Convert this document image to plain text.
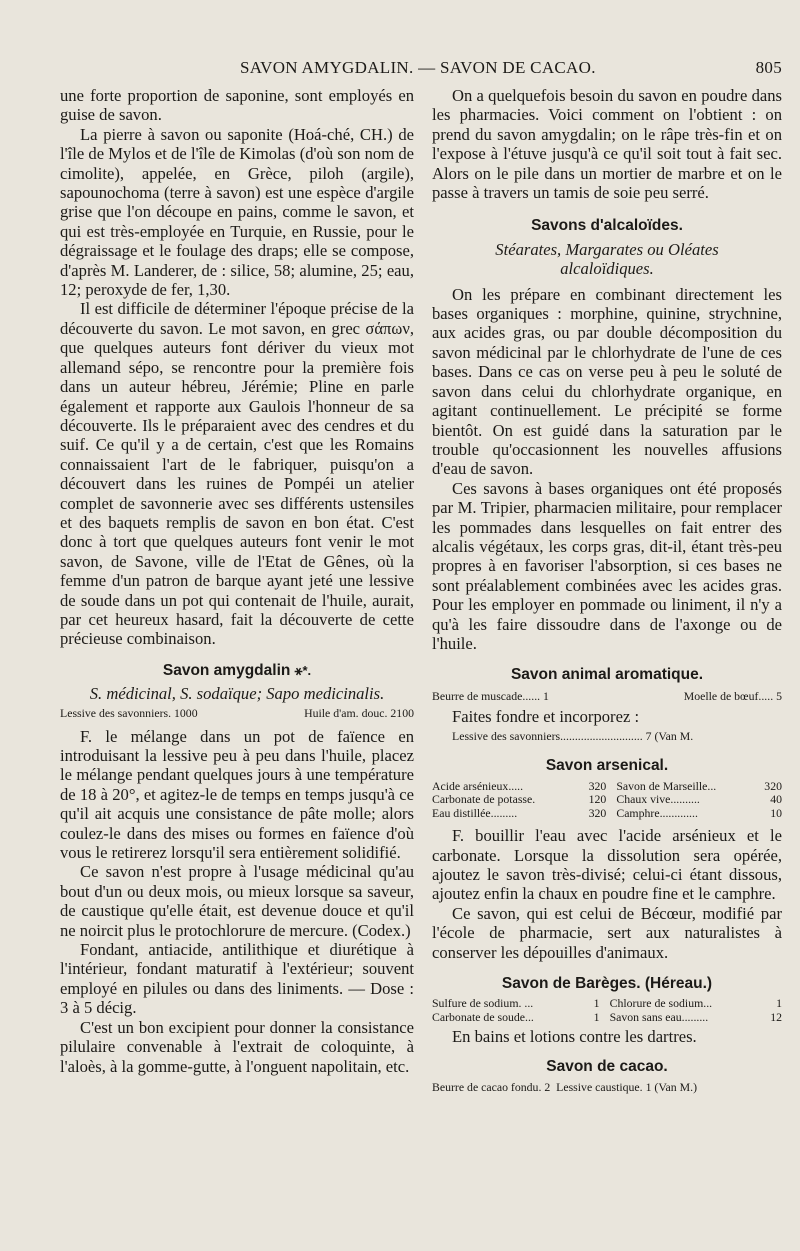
SAVON AMYGDALIN. — SAVON DE CACAO.	805

une forte proportion de saponine, sont employés en guise de savon.

La pierre à savon ou saponite (Hoá-ché, CH.) de l'île de Mylos et de l'île de Kimolas (d'où son nom de cimolite), appelée, en Grèce, piloh (argile), sapounochoma (terre à savon) est une espèce d'argile grise que l'on découpe en pains, comme le savon, et qui est très-employée en Turquie, en Russie, pour le dégraissage et le foulage des draps; elle se compose, d'après M. Landerer, de : silice, 58; alumine, 25; eau, 12; peroxyde de fer, 1,30.

Il est difficile de déterminer l'époque précise de la découverte du savon. Le mot savon, en grec σάπων, que quelques auteurs font dériver du vieux mot allemand sépo, se rencontre pour la première fois dans un auteur hébreu, Jérémie; Pline en parle également et rapporte aux Gaulois l'honneur de sa découverte. Ils le préparaient avec des cendres et du suif. Ce qu'il y a de certain, c'est que les Romains connaissaient l'art de le fabriquer, puisqu'on a découvert dans les ruines de Pompéi un atelier complet de savonnerie avec ses différents ustensiles et des baquets remplis de savon en bon état. C'est donc à tort que quelques auteurs font venir le mot savon, de Savone, ville de l'Etat de Gênes, où la femme d'un patron de barque ayant jeté une lessive de soude dans un pot qui contenait de l'huile, aurait, par cet heureux hasard, fait la découverte de cette précieuse combinaison.

Savon amygdalin ⚹*.

S. médicinal, S. sodaïque; Sapo medicinalis.

Lessive des savonniers. 1000	Huile d'am. douc. 2100

F. le mélange dans un pot de faïence en introduisant la lessive peu à peu dans l'huile, placez le mélange pendant quelques jours à une température de 18 à 20°, et agitez-le de temps en temps jusqu'à ce qu'il ait acquis une consistance de pâte molle; alors coulez-le dans des mises ou formes en faïence d'où vous le retirerez lorsqu'il sera entièrement solidifié.

Ce savon n'est propre à l'usage médicinal qu'au bout d'un ou deux mois, ou mieux lorsque sa saveur, de caustique qu'elle était, est devenue douce et qu'il ne noircit plus le protochlorure de mercure. (Codex.)

Fondant, antiacide, antilithique et diurétique à l'intérieur, fondant maturatif à l'extérieur; souvent employé en pilules ou dans des liniments. — Dose : 3 à 5 décig.

C'est un bon excipient pour donner la consistance pilulaire convenable à l'extrait de coloquinte, à l'aloès, à la gomme-gutte, à l'onguent napolitain, etc.

On a quelquefois besoin du savon en poudre dans les pharmacies. Voici comment on l'obtient : on prend du savon amygdalin; on le râpe très-fin et on l'expose à l'étuve jusqu'à ce qu'il soit tout à fait sec. Alors on le pile dans un mortier de marbre et on le passe à travers un tamis de soie peu serré.

Savons d'alcaloïdes.

Stéarates, Margarates ou Oléates

alcaloïdiques.

On les prépare en combinant directement les bases organiques : morphine, quinine, strychnine, aux acides gras, ou par double décomposition du savon médicinal par le chlorhydrate de l'une de ces bases. Dans ce cas on verse peu à peu le soluté de savon dans celui du chlorhydrate organique, en agitant continuellement. Le précipité se forme bientôt. On est guidé dans la saturation par le trouble qu'occasionnent les nouvelles affusions d'eau de savon.

Ces savons à bases organiques ont été proposés par M. Tripier, pharmacien militaire, pour remplacer les pommades dans lesquelles on fait entrer des alcalis végétaux, les corps gras, dit-il, étant très-peu propres à en favoriser l'absorption, si ces bases ne sont préalablement combinées avec les acides gras. Pour les employer en pommade ou liniment, il n'y a qu'à les faire dissoudre dans de l'axonge ou de l'huile.

Savon animal aromatique.
Beurre de muscade...... 1	Moelle de bœuf..... 5

Faites fondre et incorporez :

Lessive des savonniers............................ 7 (Van M.
Savon arsenical.
Acide arsénieux.....	320	Savon de Marseille...	320
Carbonate de potasse.	120	Chaux vive..........	40
Eau distillée.........	320	Camphre.............	10

F. bouillir l'eau avec l'acide arsénieux et le carbonate. Lorsque la dissolution sera opérée, ajoutez le savon très-divisé; celui-ci étant dissous, ajoutez enfin la chaux en poudre fine et le camphre.

Ce savon, qui est celui de Bécœur, modifié par l'école de pharmacie, sert aux naturalistes à conserver les dépouilles d'animaux.

Savon de Barèges. (Héreau.)
Sulfure de sodium. ...	1	Chlorure de sodium...	1
Carbonate de soude...	1	Savon sans eau.........	12

En bains et lotions contre les dartres.

Savon de cacao.
Beurre de cacao fondu. 2  Lessive caustique. 1 (Van M.)
